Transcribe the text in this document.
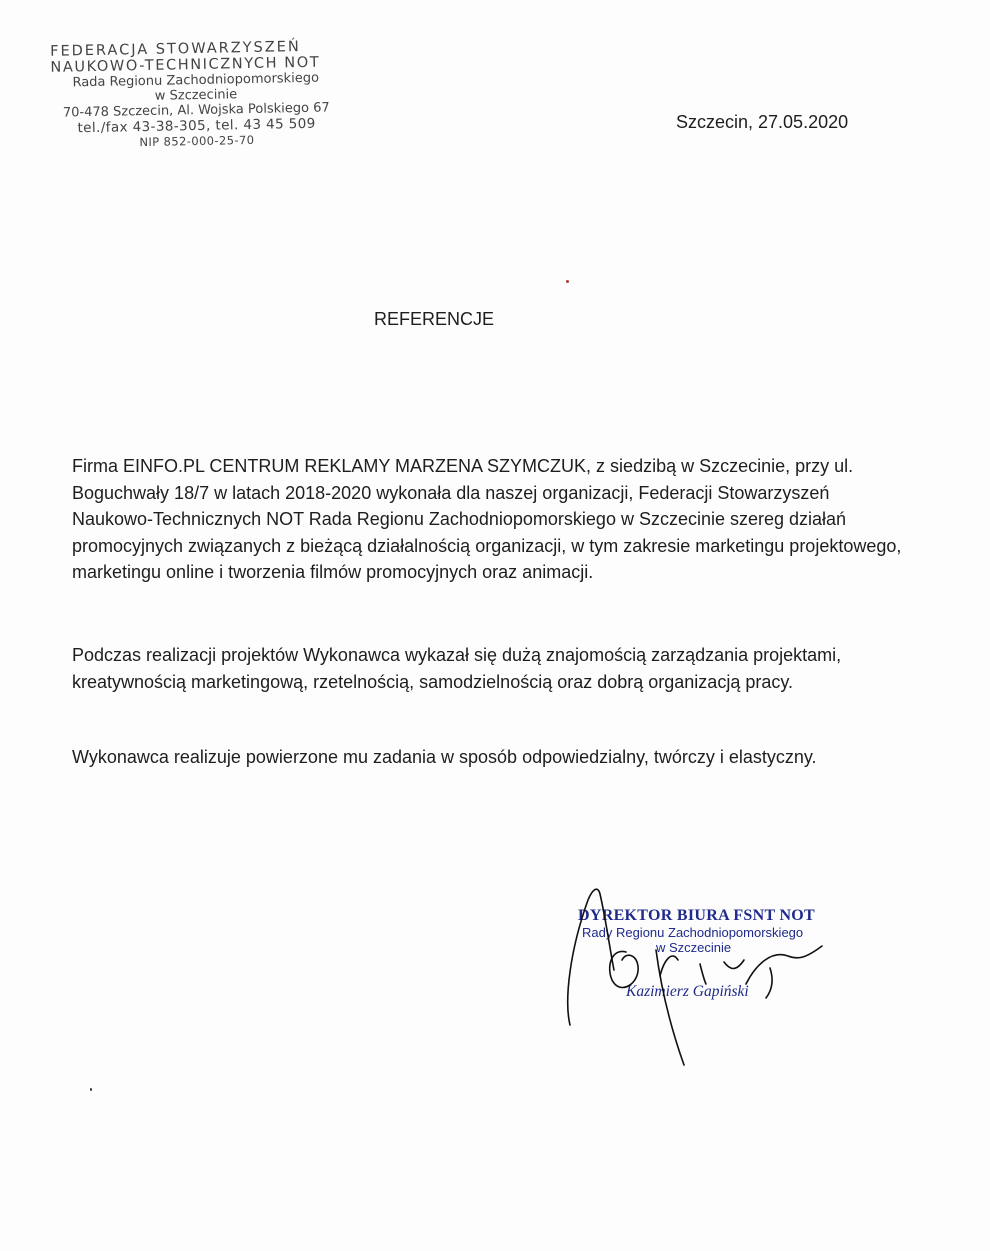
FEDERACJA STOWARZYSZEŃ
NAUKOWO-TECHNICZNYCH NOT
Rada Regionu Zachodniopomorskiego
w Szczecinie
70-478 Szczecin, Al. Wojska Polskiego 67
tel./fax 43-38-305, tel. 43 45 509
NIP 852-000-25-70
Szczecin, 27.05.2020
REFERENCJE
Firma EINFO.PL CENTRUM REKLAMY MARZENA SZYMCZUK, z siedzibą w Szczecinie, przy ul. Boguchwały 18/7 w latach 2018-2020 wykonała dla naszej organizacji, Federacji Stowarzyszeń Naukowo-Technicznych NOT Rada Regionu Zachodniopomorskiego w Szczecinie szereg działań promocyjnych związanych z bieżącą działalnością organizacji, w tym zakresie marketingu projektowego, marketingu online i tworzenia filmów promocyjnych oraz animacji.
Podczas realizacji projektów Wykonawca wykazał się dużą znajomością zarządzania projektami, kreatywnością marketingową, rzetelnością, samodzielnością oraz dobrą organizacją pracy.
Wykonawca realizuje powierzone mu zadania w sposób odpowiedzialny, twórczy i elastyczny.
DYREKTOR BIURA FSNT NOT
Rady Regionu Zachodniopomorskiego
w Szczecinie
Kazimierz Gapiński
